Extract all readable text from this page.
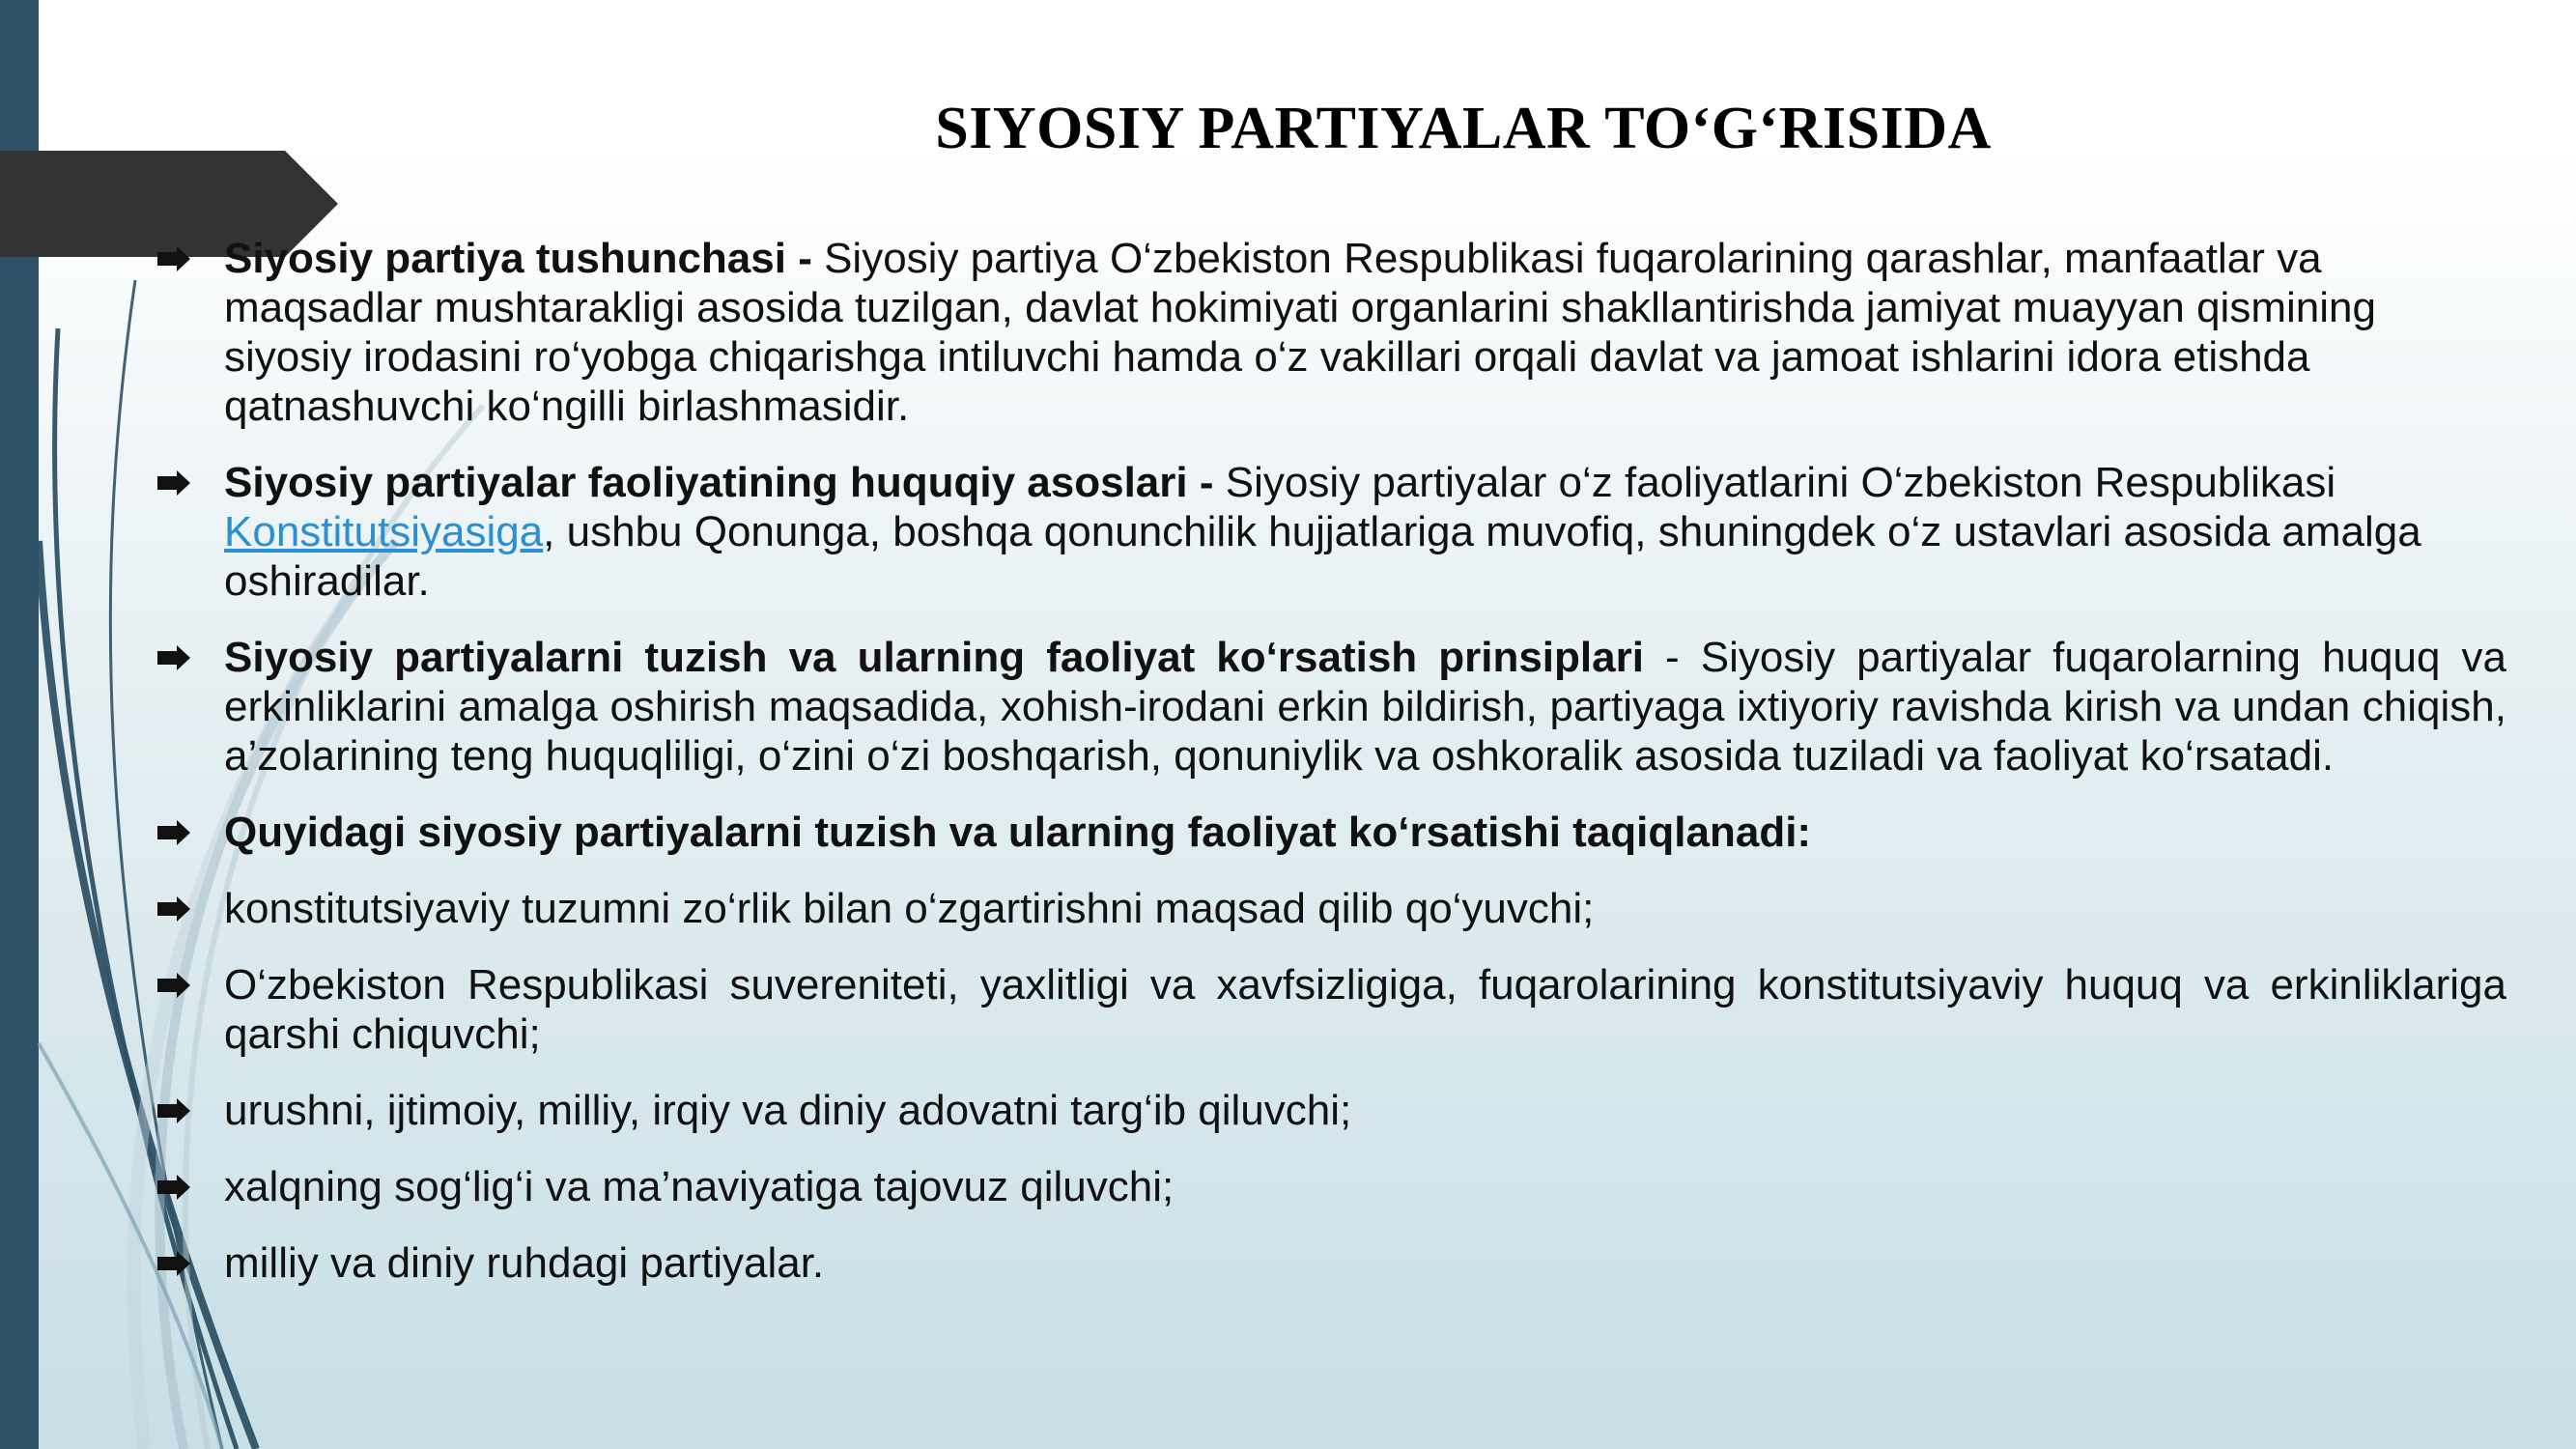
SIYOSIY PARTIYALAR TO‘G‘RISIDA
Siyosiy partiya tushunchasi - Siyosiy partiya O‘zbekiston Respublikasi fuqarolarining qarashlar, manfaatlar va maqsadlar mushtarakligi asosida tuzilgan, davlat hokimiyati organlarini shakllantirishda jamiyat muayyan qismining siyosiy irodasini ro‘yobga chiqarishga intiluvchi hamda o‘z vakillari orqali davlat va jamoat ishlarini idora etishda qatnashuvchi ko‘ngilli birlashmasidir.
Siyosiy partiyalar faoliyatining huquqiy asoslari - Siyosiy partiyalar o‘z faoliyatlarini O‘zbekiston Respublikasi Konstitutsiyasiga, ushbu Qonunga, boshqa qonunchilik hujjatlariga muvofiq, shuningdek o‘z ustavlari asosida amalga oshiradilar.
Siyosiy partiyalarni tuzish va ularning faoliyat ko‘rsatish prinsiplari - Siyosiy partiyalar fuqarolarning huquq va erkinliklarini amalga oshirish maqsadida, xohish-irodani erkin bildirish, partiyaga ixtiyoriy ravishda kirish va undan chiqish, a’zolarining teng huquqliligi, o‘zini o‘zi boshqarish, qonuniylik va oshkoralik asosida tuziladi va faoliyat ko‘rsatadi.
Quyidagi siyosiy partiyalarni tuzish va ularning faoliyat ko‘rsatishi taqiqlanadi:
konstitutsiyaviy tuzumni zo‘rlik bilan o‘zgartirishni maqsad qilib qo‘yuvchi;
O‘zbekiston Respublikasi suvereniteti, yaxlitligi va xavfsizligiga, fuqarolarining konstitutsiyaviy huquq va erkinliklariga qarshi chiquvchi;
urushni, ijtimoiy, milliy, irqiy va diniy adovatni targ‘ib qiluvchi;
xalqning sog‘lig‘i va ma’naviyatiga tajovuz qiluvchi;
milliy va diniy ruhdagi partiyalar.
